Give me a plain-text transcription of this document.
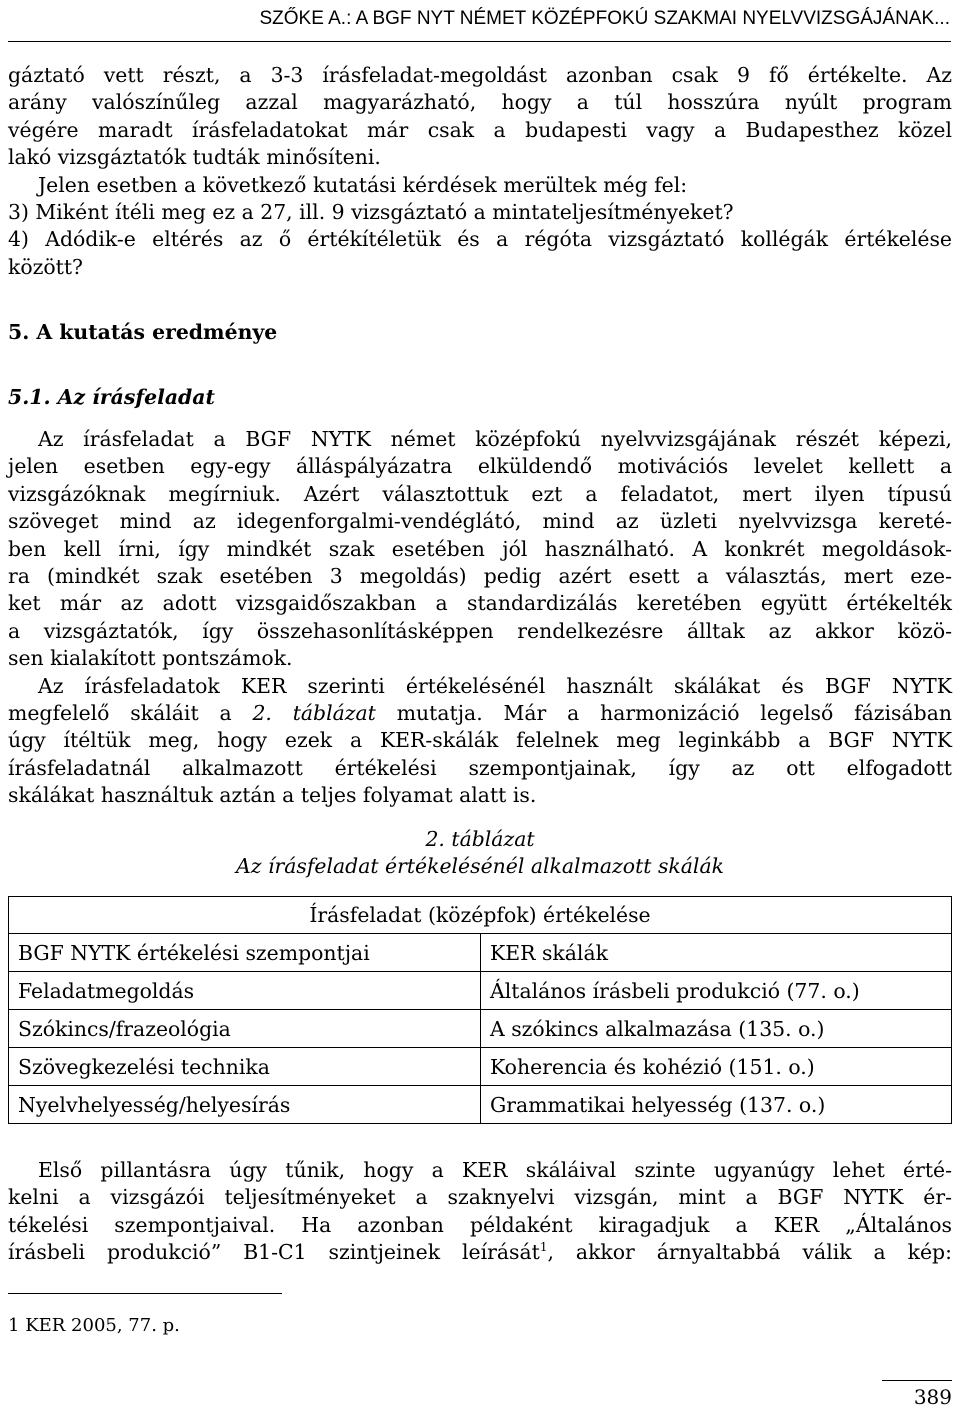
SZŐKE A.: A BGF NYT NÉMET KÖZÉPFOKÚ SZAKMAI NYELVVIZSGÁJÁNAK...
gáztató vett részt, a 3-3 írásfeladat-megoldást azonban csak 9 fő értékelte. Az
arány valószínűleg azzal magyarázható, hogy a túl hosszúra nyúlt program
végére maradt írásfeladatokat már csak a budapesti vagy a Budapesthez közel
lakó vizsgáztatók tudták minősíteni.
Jelen esetben a következő kutatási kérdések merültek még fel:
3) Miként ítéli meg ez a 27, ill. 9 vizsgáztató a mintateljesítményeket?
4) Adódik-e eltérés az ő értékítéletük és a régóta vizsgáztató kollégák értékelése
között?
5. A kutatás eredménye
5.1. Az írásfeladat
Az írásfeladat a BGF NYTK német középfokú nyelvvizsgájának részét képezi,
jelen esetben egy-egy álláspályázatra elküldendő motivációs levelet kellett a
vizsgázóknak megírniuk. Azért választottuk ezt a feladatot, mert ilyen típusú
szöveget mind az idegenforgalmi-vendéglátó, mind az üzleti nyelvvizsga kereté-
ben kell írni, így mindkét szak esetében jól használható. A konkrét megoldások-
ra (mindkét szak esetében 3 megoldás) pedig azért esett a választás, mert eze-
ket már az adott vizsgaidőszakban a standardizálás keretében együtt értékelték
a vizsgáztatók, így összehasonlításképpen rendelkezésre álltak az akkor közö-
sen kialakított pontszámok.
Az írásfeladatok KER szerinti értékelésénél használt skálákat és BGF NYTK
megfelelő skáláit a 2. táblázat mutatja. Már a harmonizáció legelső fázisában
úgy ítéltük meg, hogy ezek a KER-skálák felelnek meg leginkább a BGF NYTK
írásfeladatnál alkalmazott értékelési szempontjainak, így az ott elfogadott
skálákat használtuk aztán a teljes folyamat alatt is.
2. táblázat
Az írásfeladat értékelésénél alkalmazott skálák
Írásfeladat (középfok) értékelése	
BGF NYTK értékelési szempontjai	KER skálák
Feladatmegoldás	Általános írásbeli produkció (77. o.)
Szókincs/frazeológia	A szókincs alkalmazása (135. o.)
Szövegkezelési technika	Koherencia és kohézió (151. o.)
Nyelvhelyesség/helyesírás	Grammatikai helyesség (137. o.)
Első pillantásra úgy tűnik, hogy a KER skáláival szinte ugyanúgy lehet érté-
kelni a vizsgázói teljesítményeket a szaknyelvi vizsgán, mint a BGF NYTK ér-
tékelési szempontjaival. Ha azonban példaként kiragadjuk a KER „Általános
írásbeli produkció” B1-C1 szintjeinek leírását$^1$, akkor árnyaltabbá válik a kép:
1 KER 2005, 77. p.
389
